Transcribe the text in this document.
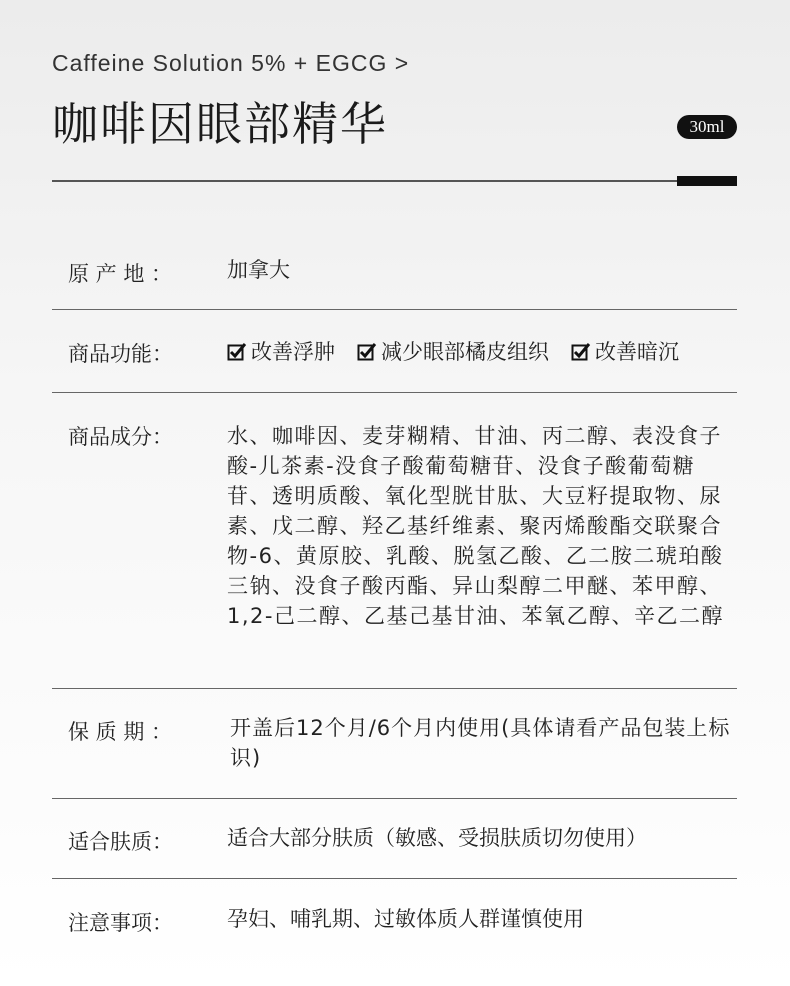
Caffeine Solution 5% + EGCG >
咖啡因眼部精华	30ml
原 产 地 ：	加拿大
商品功能：	改善浮肿 减少眼部橘皮组织 改善暗沉
商品成分：	水、咖啡因、麦芽糊精、甘油、丙二醇、表没食子酸-儿茶素-没食子酸葡萄糖苷、没食子酸葡萄糖苷、透明质酸、氧化型胱甘肽、大豆籽提取物、尿素、戊二醇、羟乙基纤维素、聚丙烯酸酯交联聚合物-6、黄原胶、乳酸、脱氢乙酸、乙二胺二琥珀酸三钠、没食子酸丙酯、异山梨醇二甲醚、苯甲醇、1,2-己二醇、乙基己基甘油、苯氧乙醇、辛乙二醇
保 质 期 ：	开盖后12个月/6个月内使用(具体请看产品包装上标识)
适合肤质：	适合大部分肤质（敏感、受损肤质切勿使用）
注意事项：	孕妇、哺乳期、过敏体质人群谨慎使用
